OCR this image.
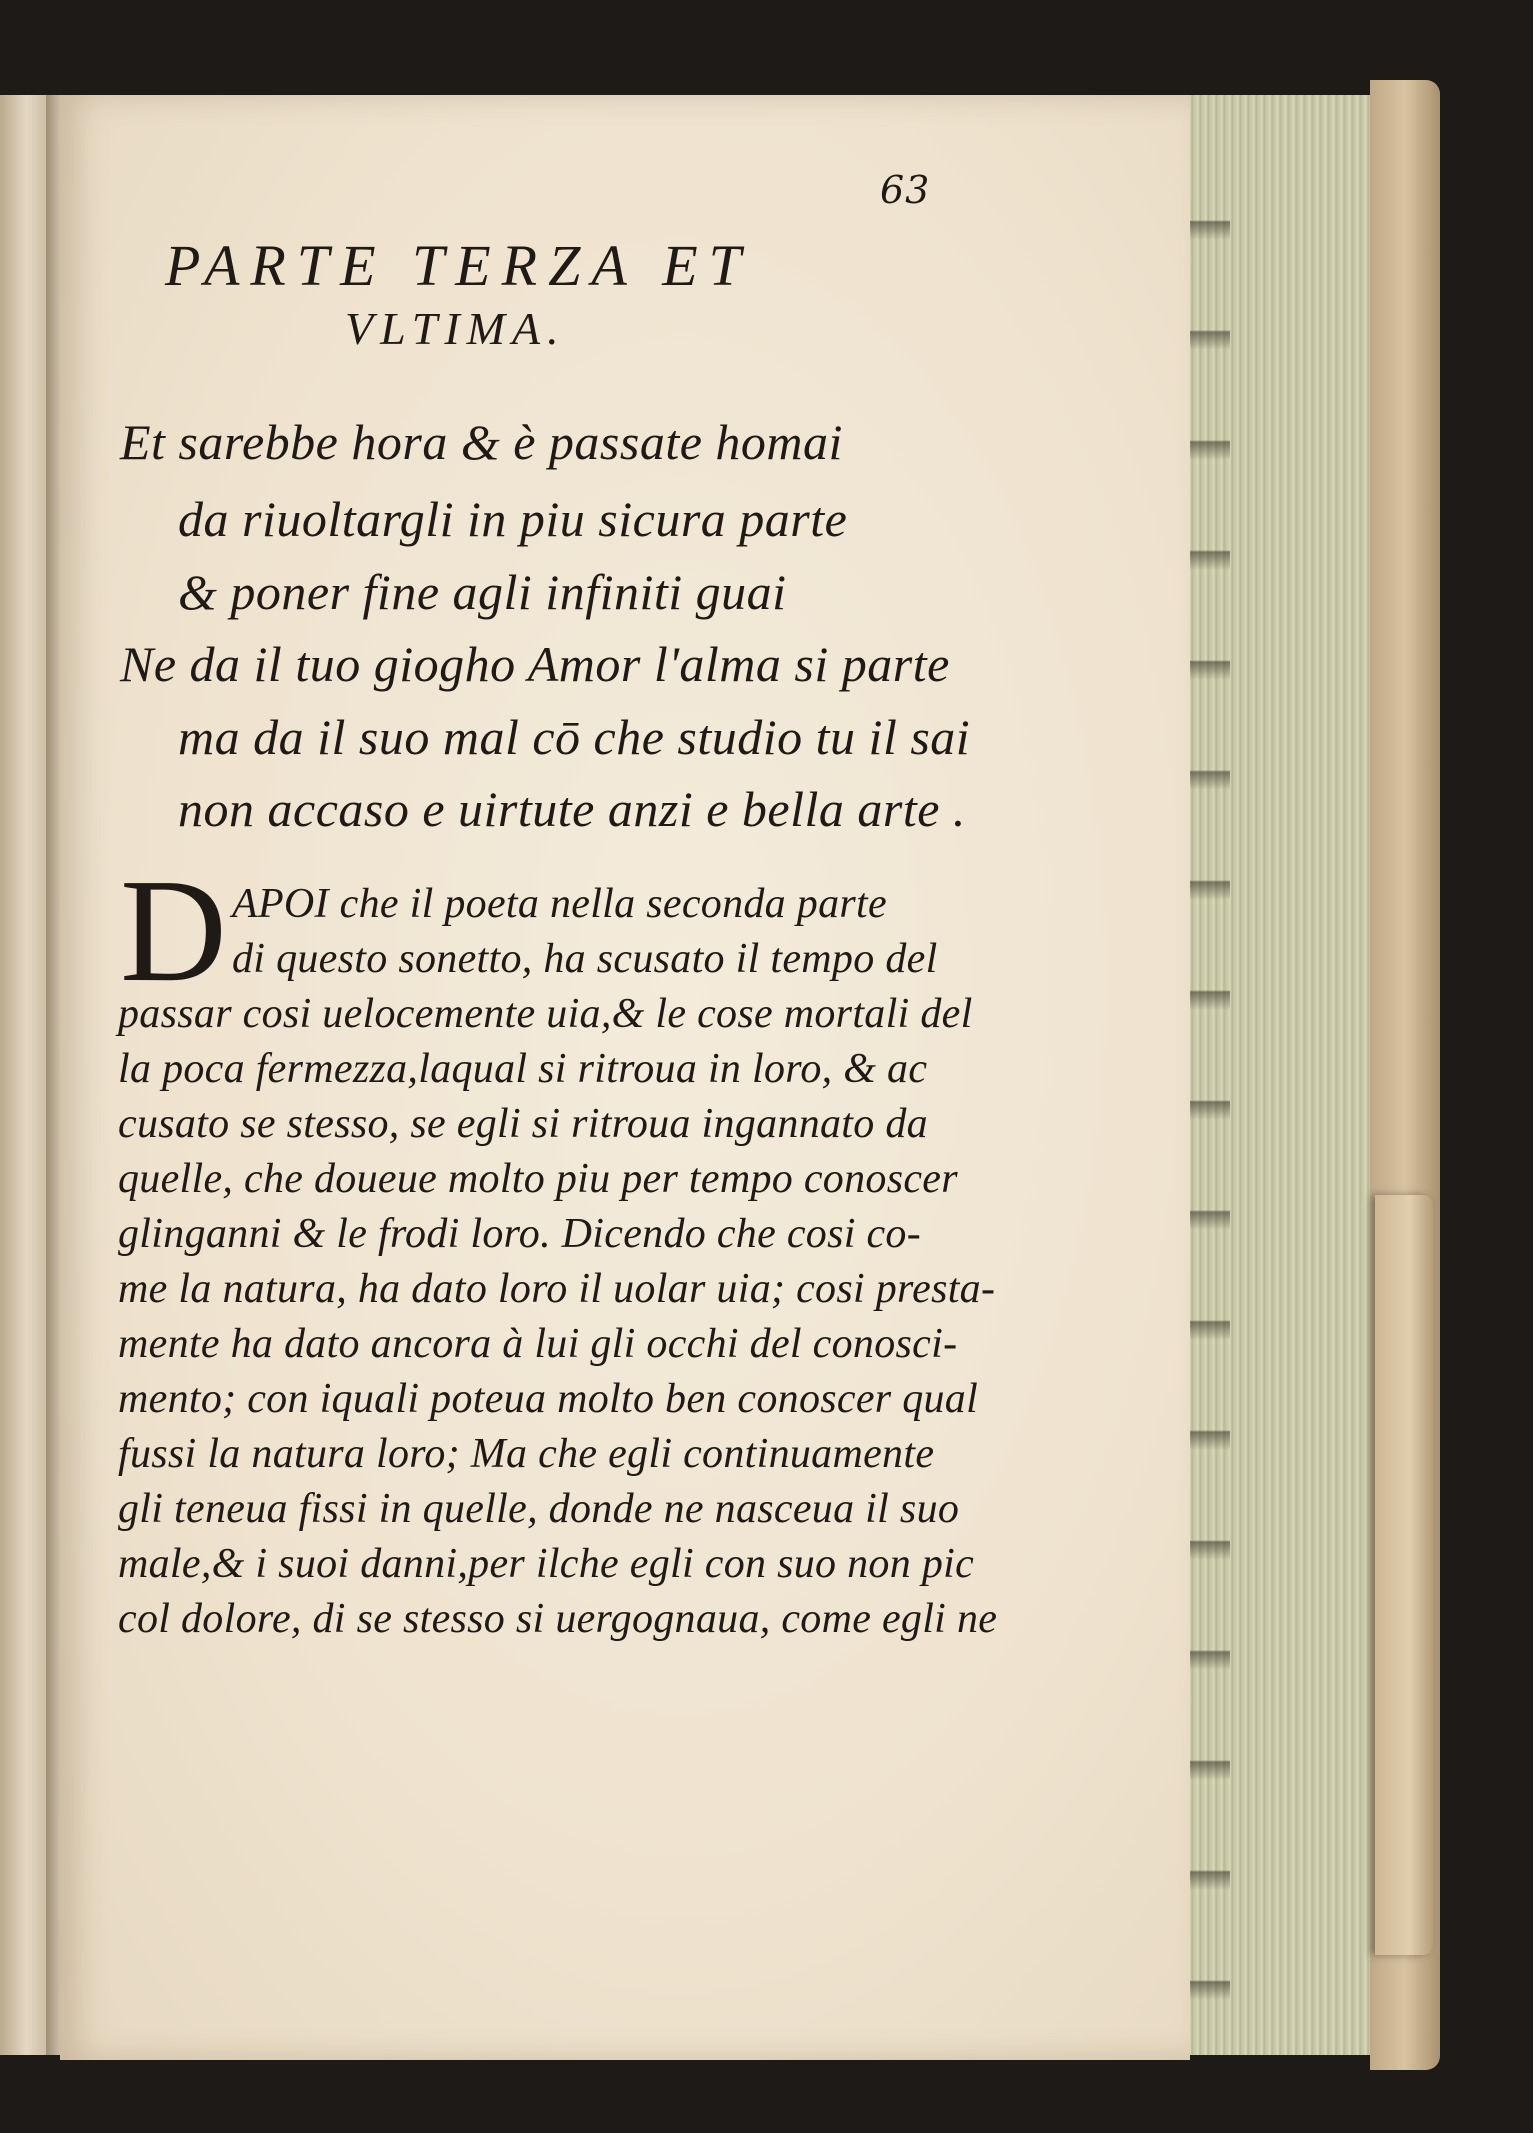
63
PARTE TERZA ET
VLTIMA.
Et sarebbe hora & è passate homai
da riuoltargli in piu sicura parte
& poner fine agli infiniti guai
Ne da il tuo giogho Amor l'alma si parte
ma da il suo mal cō che studio tu il sai
non accaso e uirtute anzi e bella arte .
D APOI che il poeta nella seconda parte
di questo sonetto, ha scusato il tempo del
passar cosi uelocemente uia,& le cose mortali del
la poca fermezza,laqual si ritroua in loro, & ac
cusato se stesso, se egli si ritroua ingannato da
quelle, che doueue molto piu per tempo conoscer
glinganni & le frodi loro. Dicendo che cosi co-
me la natura, ha dato loro il uolar uia; cosi presta-
mente ha dato ancora à lui gli occhi del conosci-
mento; con iquali poteua molto ben conoscer qual
fussi la natura loro; Ma che egli continuamente
gli teneua fissi in quelle, donde ne nasceua il suo
male,& i suoi danni,per ilche egli con suo non pic
col dolore, di se stesso si uergognaua, come egli ne
